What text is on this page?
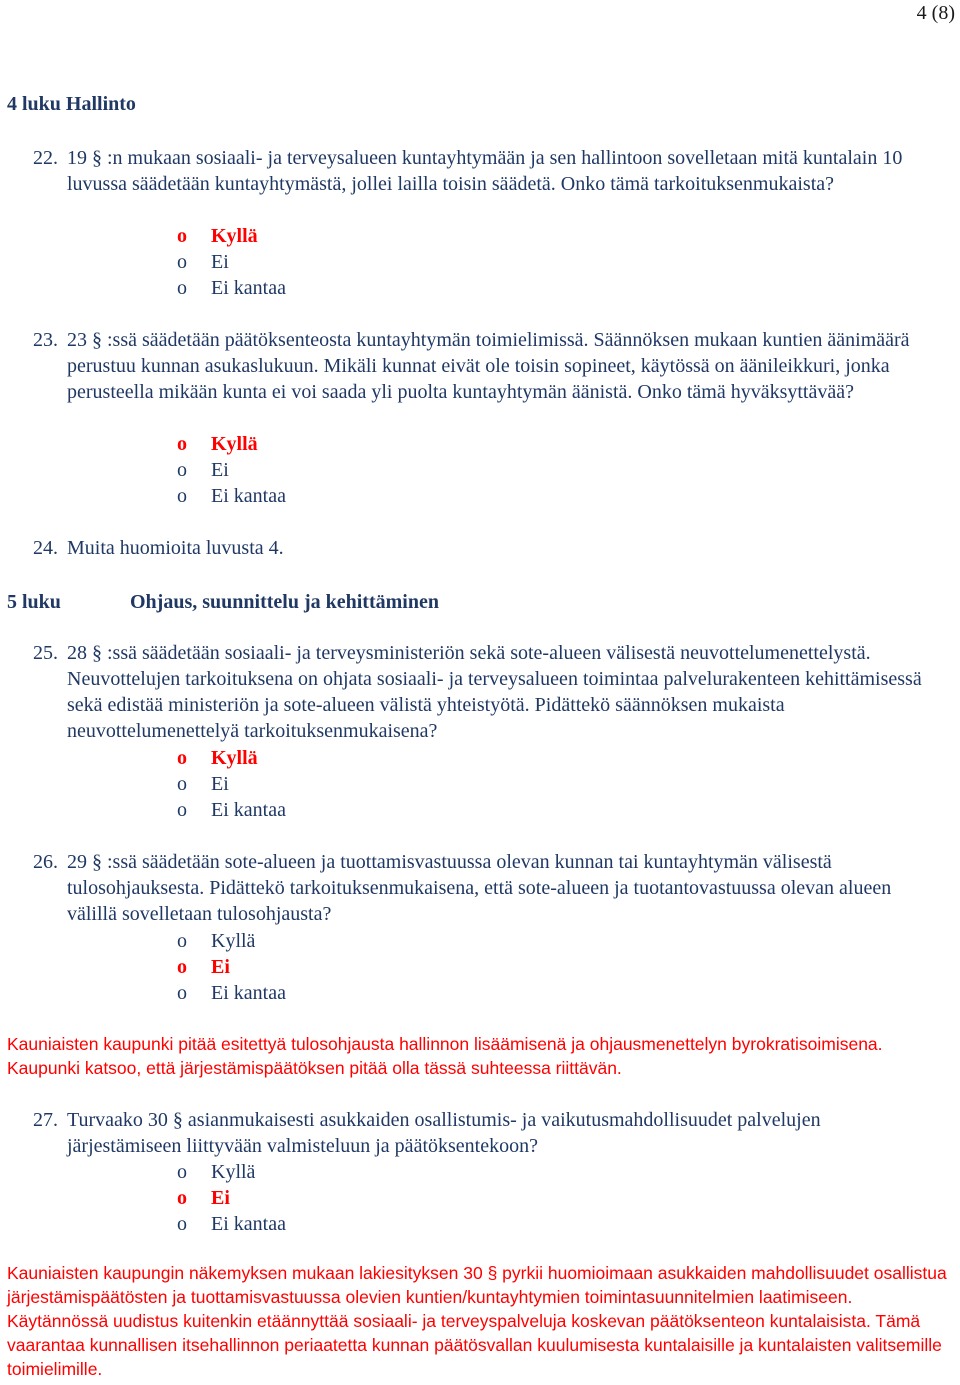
4 (8)
4 luku Hallinto
22. 19 § :n mukaan sosiaali- ja terveysalueen kuntayhtymään ja sen hallintoon sovelletaan mitä kuntalain 10 luvussa säädetään kuntayhtymästä, jollei lailla toisin säädetä. Onko tämä tarkoituksenmukaista?
o Kyllä
o Ei
o Ei kantaa
23. 23 § :ssä säädetään päätöksenteosta kuntayhtymän toimielimissä. Säännöksen mukaan kuntien äänimäärä perustuu kunnan asukaslukuun. Mikäli kunnat eivät ole toisin sopineet, käytössä on äänileikkuri, jonka perusteella mikään kunta ei voi saada yli puolta kuntayhtymän äänistä. Onko tämä hyväksyttävää?
o Kyllä
o Ei
o Ei kantaa
24. Muita huomioita luvusta 4.
5 luku	Ohjaus, suunnittelu ja kehittäminen
25. 28 § :ssä säädetään sosiaali- ja terveysministeriön sekä sote-alueen välisestä neuvottelumenettelystä. Neuvottelujen tarkoituksena on ohjata sosiaali- ja terveysalueen toimintaa palvelurakenteen kehittämisessä sekä edistää ministeriön ja sote-alueen välistä yhteistyötä. Pidättekö säännöksen mukaista neuvottelumenettelyä tarkoituksenmukaisena?
o Kyllä
o Ei
o Ei kantaa
26. 29 § :ssä säädetään sote-alueen ja tuottamisvastuussa olevan kunnan tai kuntayhtymän välisestä tulosohjauksesta. Pidättekö tarkoituksenmukaisena, että sote-alueen ja tuotantovastuussa olevan alueen välillä sovelletaan tulosohjausta?
o Kyllä
o Ei
o Ei kantaa
Kauniaisten kaupunki pitää esitettyä tulosohjausta hallinnon lisäämisenä ja ohjausmenettelyn byrokratisoimisena. Kaupunki katsoo, että järjestämispäätöksen pitää olla tässä suhteessa riittävän.
27. Turvaako 30 § asianmukaisesti asukkaiden osallistumis- ja vaikutusmahdollisuudet palvelujen järjestämiseen liittyvään valmisteluun ja päätöksentekoon?
o Kyllä
o Ei
o Ei kantaa
Kauniaisten kaupungin näkemyksen mukaan lakiesityksen 30 § pyrkii huomioimaan asukkaiden mahdollisuudet osallistua järjestämispäätösten ja tuottamisvastuussa olevien kuntien/kuntayhtymien toimintasuunnitelmien laatimiseen. Käytännössä uudistus kuitenkin etäännyttää sosiaali- ja terveyspalveluja koskevan päätöksenteon kuntalaisista. Tämä vaarantaa kunnallisen itsehallinnon periaatetta kunnan päätösvallan kuulumisesta kuntalaisille ja kuntalaisten valitsemille toimielimille.
